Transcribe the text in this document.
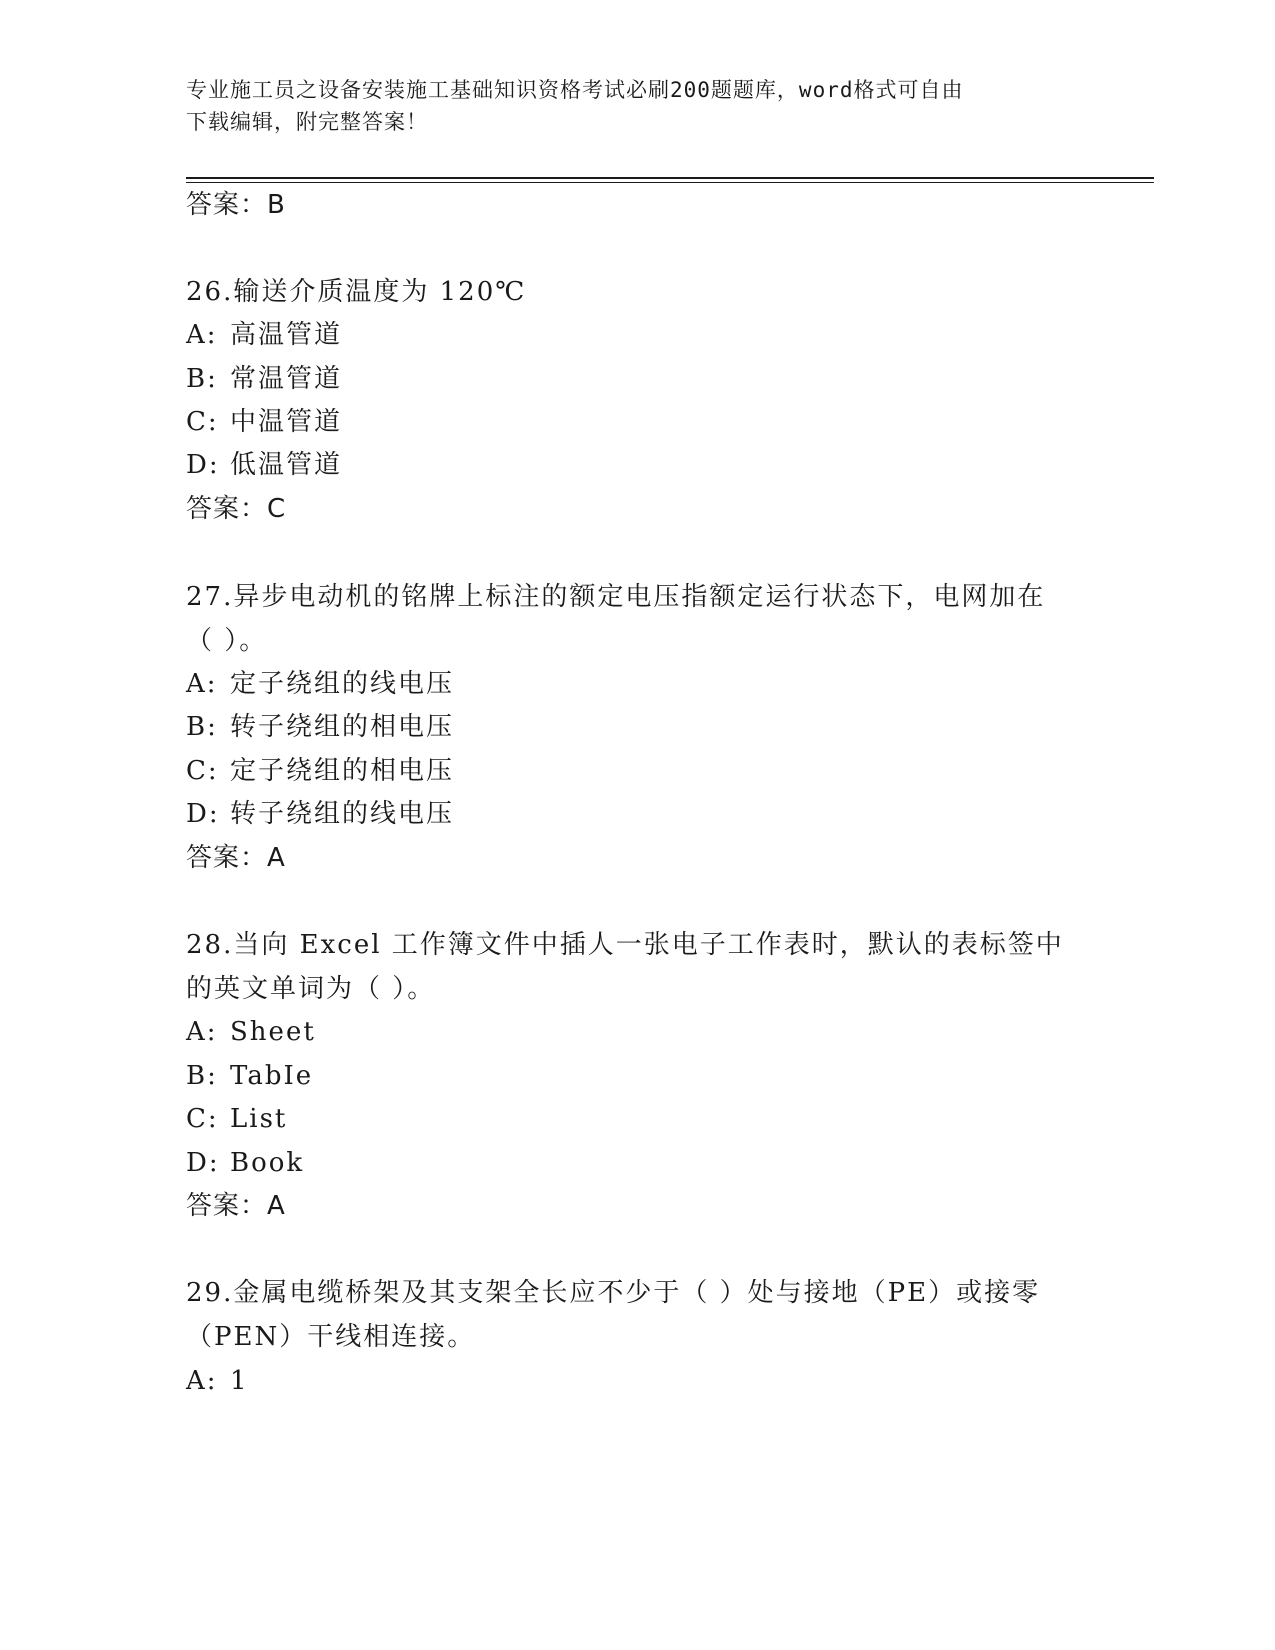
专业施工员之设备安装施工基础知识资格考试必刷200题题库，word格式可自由
下载编辑，附完整答案！
答案：B
26.输送介质温度为 120℃
A: 高温管道
B: 常温管道
C: 中温管道
D: 低温管道
答案：C
27.异步电动机的铭牌上标注的额定电压指额定运行状态下，电网加在
（ ）。
A: 定子绕组的线电压
B: 转子绕组的相电压
C: 定子绕组的相电压
D: 转子绕组的线电压
答案：A
28.当向 Excel 工作簿文件中插人一张电子工作表时，默认的表标签中
的英文单词为（ ）。
A: Sheet
B: TabIe
C: List
D: Book
答案：A
29.金属电缆桥架及其支架全长应不少于（ ）处与接地（PE）或接零
（PEN）干线相连接。
A: 1
